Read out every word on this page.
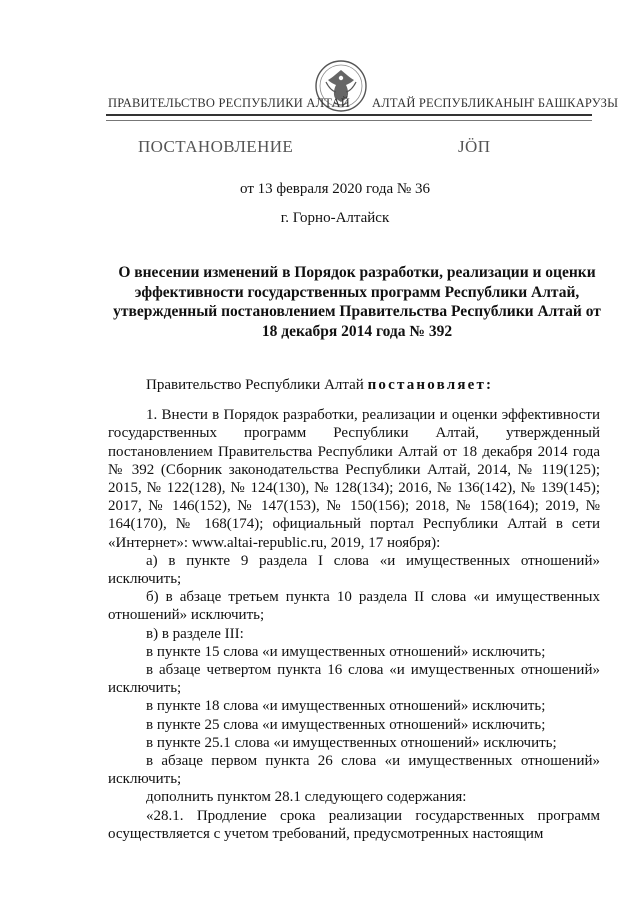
ПРАВИТЕЛЬСТВО РЕСПУБЛИКИ АЛТАЙ АЛТАЙ РЕСПУБЛИКАНЫҤ БАШКАРУЗЫ
ПОСТАНОВЛЕНИЕ	ЈӦП
от 13 февраля 2020 года № 36
г. Горно-Алтайск
О внесении изменений в Порядок разработки, реализации и оценки эффективности государственных программ Республики Алтай, утвержденный постановлением Правительства Республики Алтай от 18 декабря 2014 года № 392

Правительство Республики Алтай постановляет:

1. Внести в Порядок разработки, реализации и оценки эффективности государственных программ Республики Алтай, утвержденный постановлением Правительства Республики Алтай от 18 декабря 2014 года № 392 (Сборник законодательства Республики Алтай, 2014, № 119(125); 2015, № 122(128), № 124(130), № 128(134); 2016, № 136(142), № 139(145); 2017, № 146(152), № 147(153), № 150(156); 2018, № 158(164); 2019, № 164(170), № 168(174); официальный портал Республики Алтай в сети «Интернет»: www.altai-republic.ru, 2019, 17 ноября):

а) в пункте 9 раздела I слова «и имущественных отношений» исключить;

б) в абзаце третьем пункта 10 раздела II слова «и имущественных отношений» исключить;

в) в разделе III:

в пункте 15 слова «и имущественных отношений» исключить;

в абзаце четвертом пункта 16 слова «и имущественных отношений» исключить;

в пункте 18 слова «и имущественных отношений» исключить;

в пункте 25 слова «и имущественных отношений» исключить;

в пункте 25.1 слова «и имущественных отношений» исключить;

в абзаце первом пункта 26 слова «и имущественных отношений» исключить;

дополнить пунктом 28.1 следующего содержания:

«28.1. Продление срока реализации государственных программ осуществляется с учетом требований, предусмотренных настоящим
